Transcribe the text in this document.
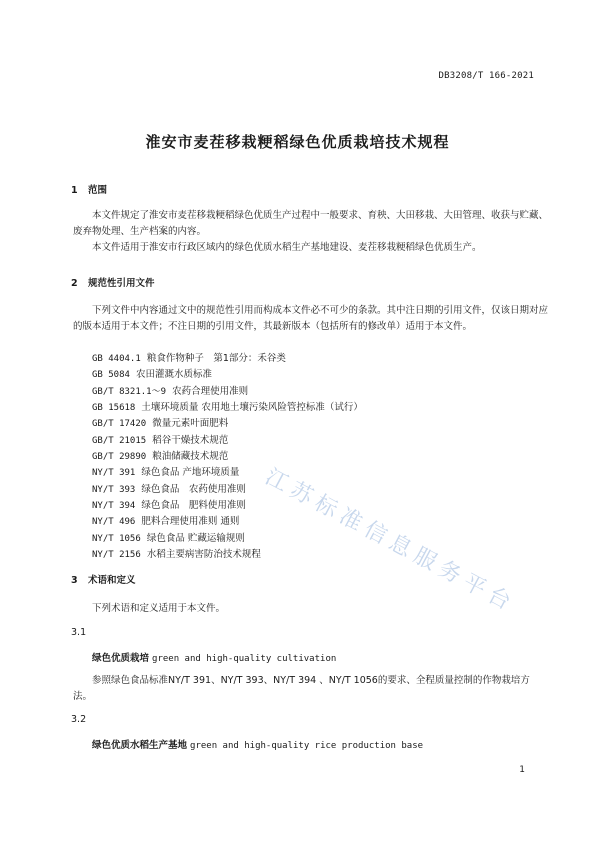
DB3208/T 166-2021
淮安市麦茬移栽粳稻绿色优质栽培技术规程
1 范围

本文件规定了淮安市麦茬移栽粳稻绿色优质生产过程中一般要求、育秧、大田移栽、大田管理、收获与贮藏、废弃物处理、生产档案的内容。

本文件适用于淮安市行政区域内的绿色优质水稻生产基地建设、麦茬移栽粳稻绿色优质生产。

2 规范性引用文件

下列文件中内容通过文中的规范性引用而构成本文件必不可少的条款。其中注日期的引用文件，仅该日期对应的版本适用于本文件；不注日期的引用文件，其最新版本（包括所有的修改单）适用于本文件。

GB 4404.1 粮食作物种子　第1部分：禾谷类
GB 5084 农田灌溉水质标准
GB/T 8321.1～9 农药合理使用准则
GB 15618 土壤环境质量 农用地土壤污染风险管控标准（试行）
GB/T 17420 微量元素叶面肥料
GB/T 21015 稻谷干燥技术规范
GB/T 29890 粮油储藏技术规范
NY/T 391 绿色食品 产地环境质量
NY/T 393 绿色食品　农药使用准则
NY/T 394 绿色食品　肥料使用准则
NY/T 496 肥料合理使用准则 通则
NY/T 1056 绿色食品 贮藏运输规则
NY/T 2156 水稻主要病害防治技术规程
3 术语和定义
下列术语和定义适用于本文件。
3.1
绿色优质栽培 green and high-quality cultivation

参照绿色食品标准NY/T 391、NY/T 393、NY/T 394 、NY/T 1056的要求、全程质量控制的作物栽培方法。

3.2
绿色优质水稻生产基地 green and high-quality rice production base
江苏标准信息服务平台
1
